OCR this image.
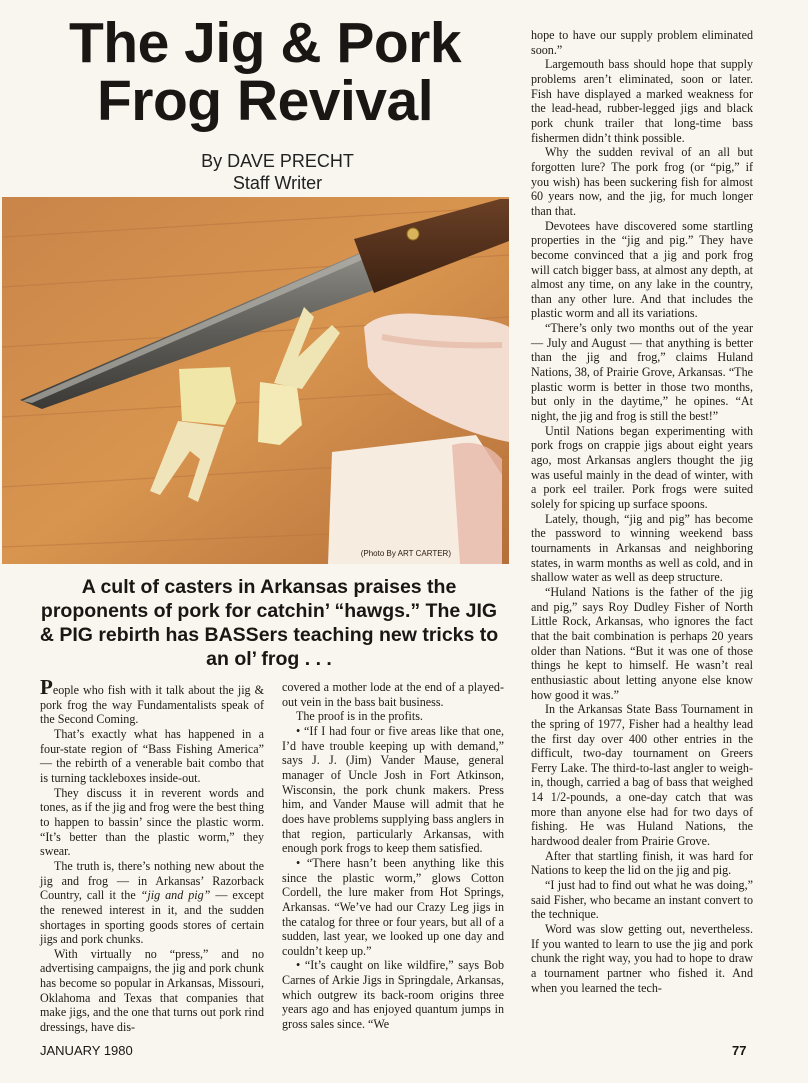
The Jig & Pork
Frog Revival
By DAVE PRECHT
Staff Writer
(Photo By ART CARTER)
A cult of casters in Arkansas praises the proponents of pork for catchin’ “hawgs.” The JIG & PIG rebirth has BASSers teaching new tricks to an ol’ frog . . .

People who fish with it talk about the jig & pork frog the way Fundamentalists speak of the Second Coming.

That’s exactly what has happened in a four-state region of “Bass Fishing America” — the rebirth of a venerable bait combo that is turning tackleboxes inside-out.

They discuss it in reverent words and tones, as if the jig and frog were the best thing to happen to bassin’ since the plastic worm. “It’s better than the plastic worm,” they swear.

The truth is, there’s nothing new about the jig and frog — in Arkansas’ Razorback Country, call it the “jig and pig” — except the renewed interest in it, and the sudden shortages in sporting goods stores of certain jigs and pork chunks.

With virtually no “press,” and no advertising campaigns, the jig and pork chunk has become so popular in Arkansas, Missouri, Oklahoma and Texas that companies that make jigs, and the one that turns out pork rind dressings, have dis-

covered a mother lode at the end of a played-out vein in the bass bait business.

The proof is in the profits.

• “If I had four or five areas like that one, I’d have trouble keeping up with demand,” says J. J. (Jim) Vander Mause, general manager of Uncle Josh in Fort Atkinson, Wisconsin, the pork chunk makers. Press him, and Vander Mause will admit that he does have problems supplying bass anglers in that region, particularly Arkansas, with enough pork frogs to keep them satisfied.

• “There hasn’t been anything like this since the plastic worm,” glows Cotton Cordell, the lure maker from Hot Springs, Arkansas. “We’ve had our Crazy Leg jigs in the catalog for three or four years, but all of a sudden, last year, we looked up one day and couldn’t keep up.”

• “It’s caught on like wildfire,” says Bob Carnes of Arkie Jigs in Springdale, Arkansas, which outgrew its back-room origins three years ago and has enjoyed quantum jumps in gross sales since. “We

hope to have our supply problem eliminated soon.”

Largemouth bass should hope that supply problems aren’t eliminated, soon or later. Fish have displayed a marked weakness for the lead-head, rubber-legged jigs and black pork chunk trailer that long-time bass fishermen didn’t think possible.

Why the sudden revival of an all but forgotten lure? The pork frog (or “pig,” if you wish) has been suckering fish for almost 60 years now, and the jig, for much longer than that.

Devotees have discovered some startling properties in the “jig and pig.” They have become convinced that a jig and pork frog will catch bigger bass, at almost any depth, at almost any time, on any lake in the country, than any other lure. And that includes the plastic worm and all its variations.

“There’s only two months out of the year — July and August — that anything is better than the jig and frog,” claims Huland Nations, 38, of Prairie Grove, Arkansas. “The plastic worm is better in those two months, but only in the daytime,” he opines. “At night, the jig and frog is still the best!”

Until Nations began experimenting with pork frogs on crappie jigs about eight years ago, most Arkansas anglers thought the jig was useful mainly in the dead of winter, with a pork eel trailer. Pork frogs were suited solely for spicing up surface spoons.

Lately, though, “jig and pig” has become the password to winning weekend bass tournaments in Arkansas and neighboring states, in warm months as well as cold, and in shallow water as well as deep structure.

“Huland Nations is the father of the jig and pig,” says Roy Dudley Fisher of North Little Rock, Arkansas, who ignores the fact that the bait combination is perhaps 20 years older than Nations. “But it was one of those things he kept to himself. He wasn’t real enthusiastic about letting anyone else know how good it was.”

In the Arkansas State Bass Tournament in the spring of 1977, Fisher had a healthy lead the first day over 400 other entries in the difficult, two-day tournament on Greers Ferry Lake. The third-to-last angler to weigh-in, though, carried a bag of bass that weighed 14 1/2-pounds, a one-day catch that was more than anyone else had for two days of fishing. He was Huland Nations, the hardwood dealer from Prairie Grove.

After that startling finish, it was hard for Nations to keep the lid on the jig and pig.

“I just had to find out what he was doing,” said Fisher, who became an instant convert to the technique.

Word was slow getting out, nevertheless. If you wanted to learn to use the jig and pork chunk the right way, you had to hope to draw a tournament partner who fished it. And when you learned the tech-

JANUARY 1980	77
